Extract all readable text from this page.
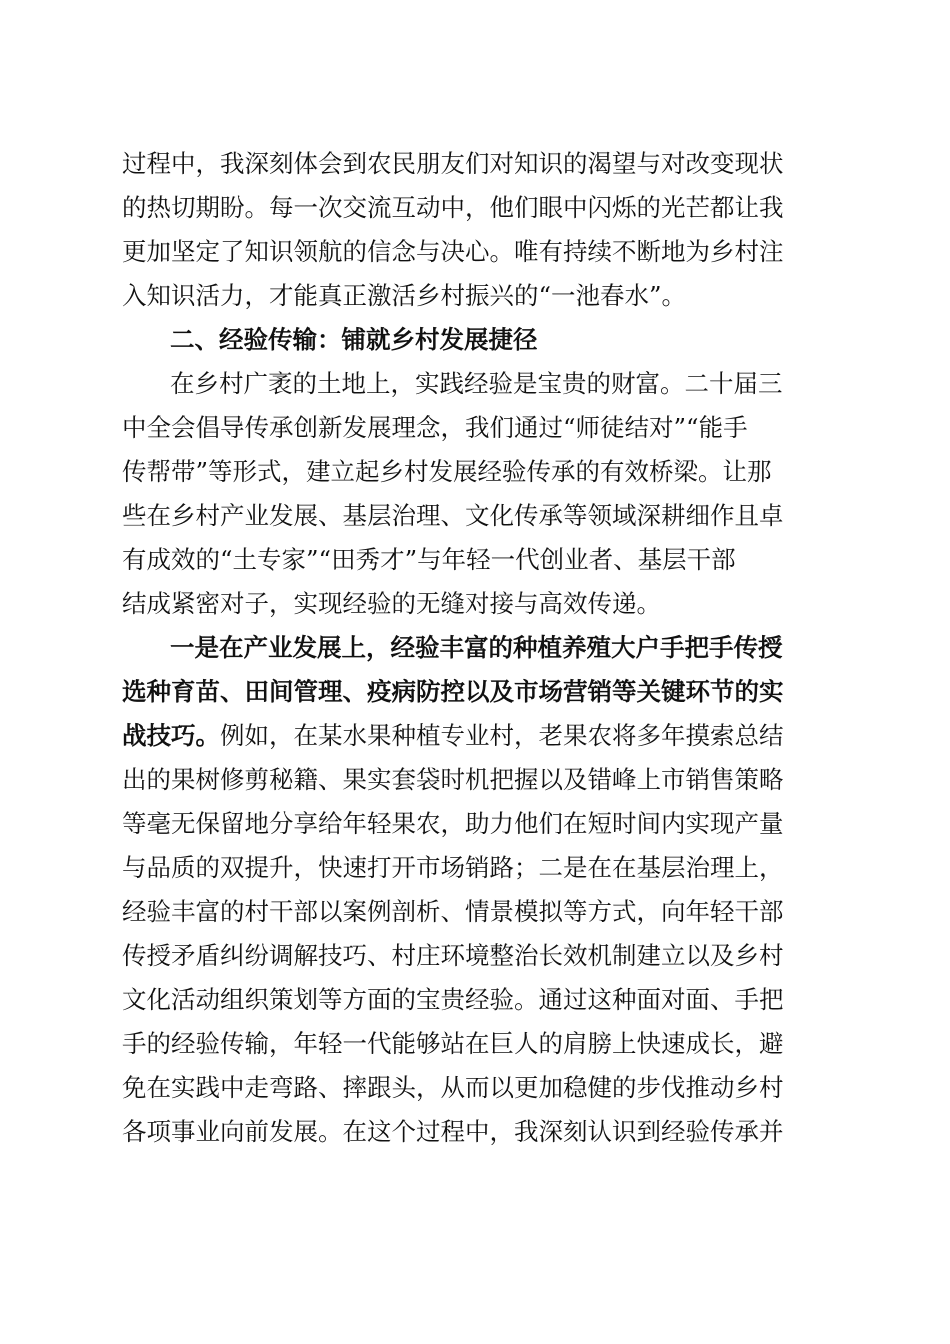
过程中，我深刻体会到农民朋友们对知识的渴望与对改变现状
的热切期盼。每一次交流互动中，他们眼中闪烁的光芒都让我
更加坚定了知识领航的信念与决心。唯有持续不断地为乡村注
入知识活力，才能真正激活乡村振兴的“一池春水”。
二、经验传输：铺就乡村发展捷径
在乡村广袤的土地上，实践经验是宝贵的财富。二十届三
中全会倡导传承创新发展理念，我们通过“师徒结对”“能手
传帮带”等形式，建立起乡村发展经验传承的有效桥梁。让那
些在乡村产业发展、基层治理、文化传承等领域深耕细作且卓
有成效的“土专家”“田秀才”与年轻一代创业者、基层干部
结成紧密对子，实现经验的无缝对接与高效传递。
一是在产业发展上，经验丰富的种植养殖大户手把手传授
选种育苗、田间管理、疫病防控以及市场营销等关键环节的实
战技巧。 例如，在某水果种植专业村，老果农将多年摸索总结
出的果树修剪秘籍、果实套袋时机把握以及错峰上市销售策略
等毫无保留地分享给年轻果农，助力他们在短时间内实现产量
与品质的双提升，快速打开市场销路；二是在在基层治理上，
经验丰富的村干部以案例剖析、情景模拟等方式，向年轻干部
传授矛盾纠纷调解技巧、村庄环境整治长效机制建立以及乡村
文化活动组织策划等方面的宝贵经验。通过这种面对面、手把
手的经验传输，年轻一代能够站在巨人的肩膀上快速成长，避
免在实践中走弯路、摔跟头，从而以更加稳健的步伐推动乡村
各项事业向前发展。在这个过程中，我深刻认识到经验传承并
